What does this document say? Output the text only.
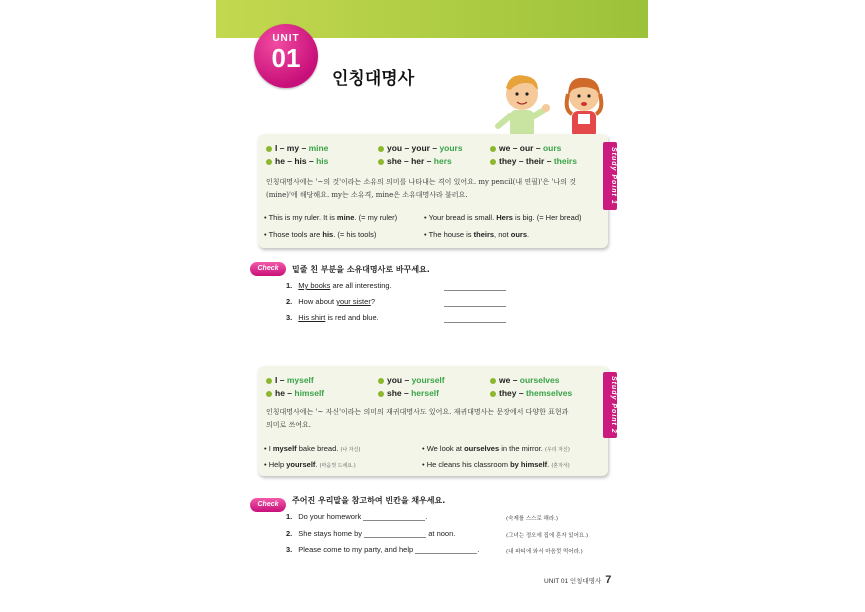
UNIT
01
인칭대명사
I – my – mine	you – your – yours	we – our – ours
he – his – his	she – her – hers	they – their – theirs
인칭대명사에는 '~의 것'이라는 소유의 의미를 나타내는 격이 있어요. my pencil(내 연필)'은 '나의 것
(mine)'에 해당해요. my는 소유격, mine은 소유대명사라 불러요.
• This is my ruler. It is mine. (= my ruler)	• Your bread is small. Hers is big. (= Her bread)
• Those tools are his. (= his tools)	• The house is theirs, not ours.
Study Point 1
Check	밑줄 친 부분을 소유대명사로 바꾸세요.
1. My books are all interesting.
2. How about your sister?
3. His shirt is red and blue.
I – myself	you – yourself	we – ourselves
he – himself	she – herself	they – themselves
인칭대명사에는 '~ 자신'이라는 의미의 재귀대명사도 있어요. 재귀대명사는 문장에서 다양한 표현과
의미로 쓰여요.
• I myself bake bread. (나 자신)	• We look at ourselves in the mirror. (우리 자신)
• Help yourself. (마음껏 드세요.)	• He cleans his classroom by himself. (혼자서)
Study Point 2
Check	주어진 우리말을 참고하여 빈칸을 채우세요.
1. Do your homework	.	(숙제를 스스로 해라.)
2. She stays home by	at noon.	(그녀는 정오에 집에 혼자 있어요.)
3. Please come to my party, and help	.	(내 파티에 와서 마음껏 먹어라.)
UNIT 01 인칭대명사 7
